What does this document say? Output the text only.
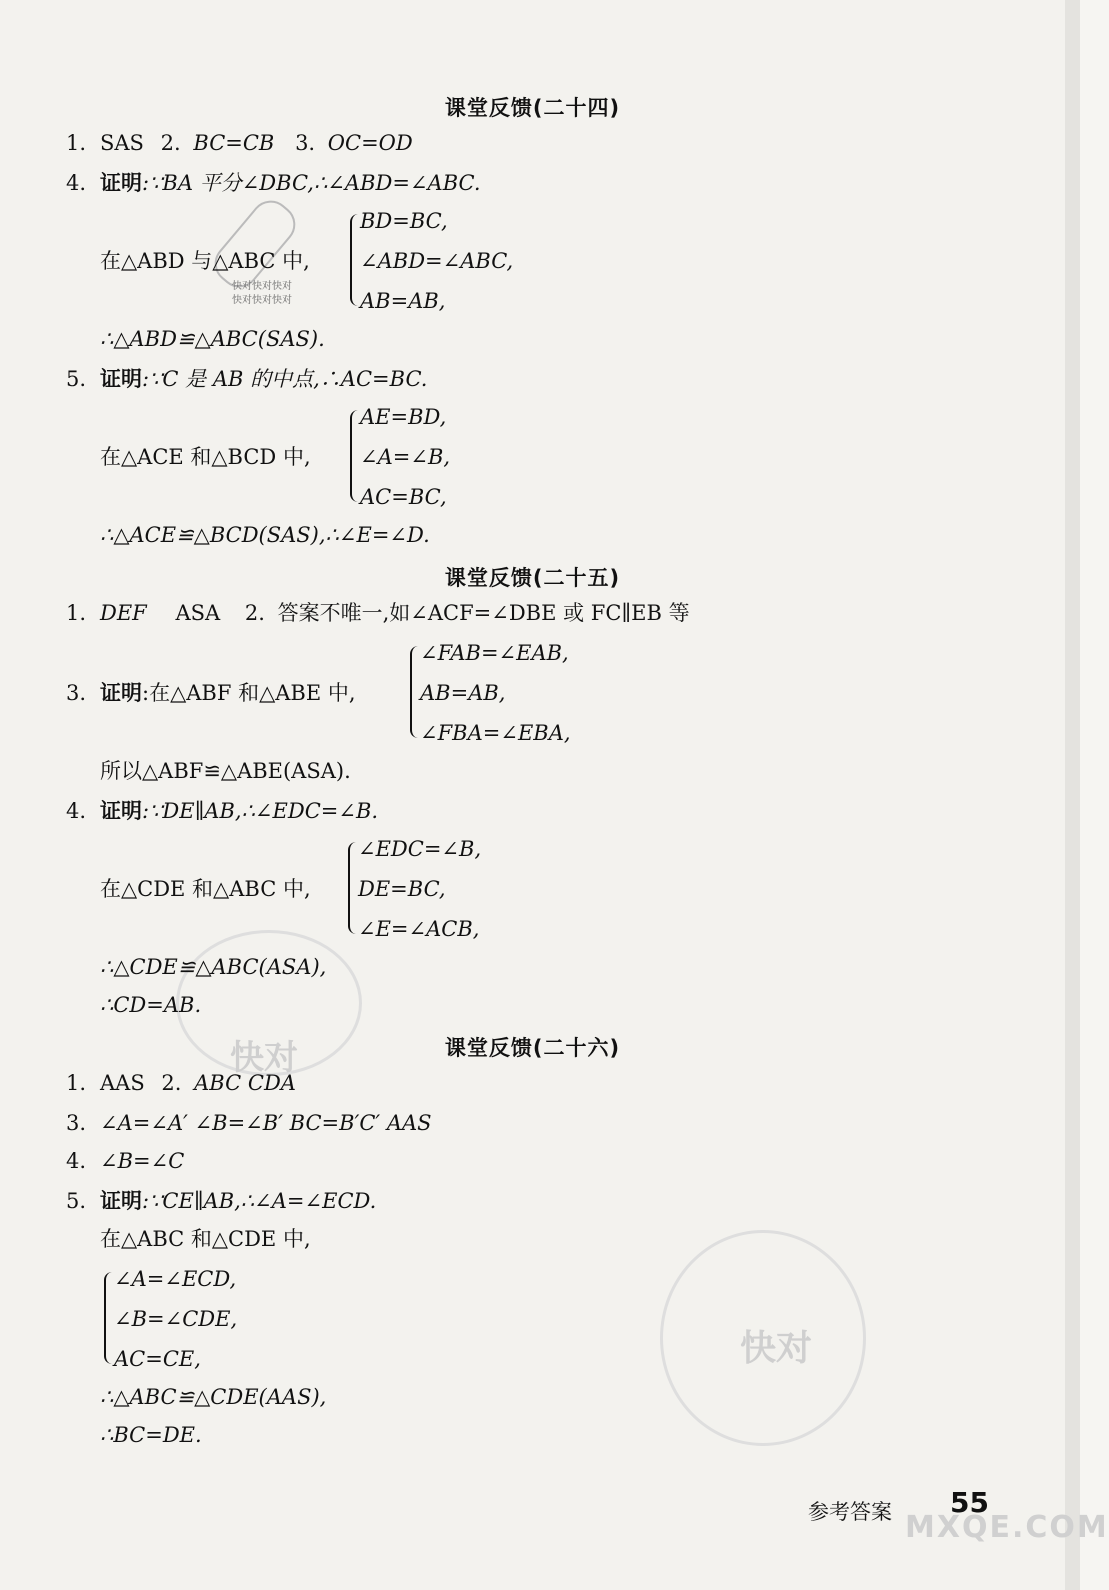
快对快对快对
快对快对快对
快对
快对
课堂反馈(二十四)
1. SAS 2. BC=CB 3. OC=OD
4. 证明:∵BA 平分∠DBC,∴∠ABD=∠ABC.
在△ABD 与△ABC 中,
BD=BC,
∠ABD=∠ABC,
AB=AB,
∴△ABD≌△ABC(SAS).
5. 证明:∵C 是 AB 的中点,∴AC=BC.
在△ACE 和△BCD 中,
AE=BD,
∠A=∠B,
AC=BC,
∴△ACE≌△BCD(SAS),∴∠E=∠D.
课堂反馈(二十五)
1. DEF ASA 2. 答案不唯一,如∠ACF=∠DBE 或 FC∥EB 等
∠FAB=∠EAB,
3. 证明:在△ABF 和△ABE 中,	AB=AB,
∠FBA=∠EBA,
所以△ABF≌△ABE(ASA).
4. 证明:∵DE∥AB,∴∠EDC=∠B.
在△CDE 和△ABC 中,
∠EDC=∠B,
DE=BC,
∠E=∠ACB,
∴△CDE≌△ABC(ASA),
∴CD=AB.
课堂反馈(二十六)
1. AAS 2. ABC CDA
3. ∠A=∠A′ ∠B=∠B′ BC=B′C′ AAS
4. ∠B=∠C
5. 证明:∵CE∥AB,∴∠A=∠ECD.
在△ABC 和△CDE 中,
∠A=∠ECD,
∠B=∠CDE,
AC=CE,
∴△ABC≌△CDE(AAS),
∴BC=DE.
参考答案 55
MXQE.COM
